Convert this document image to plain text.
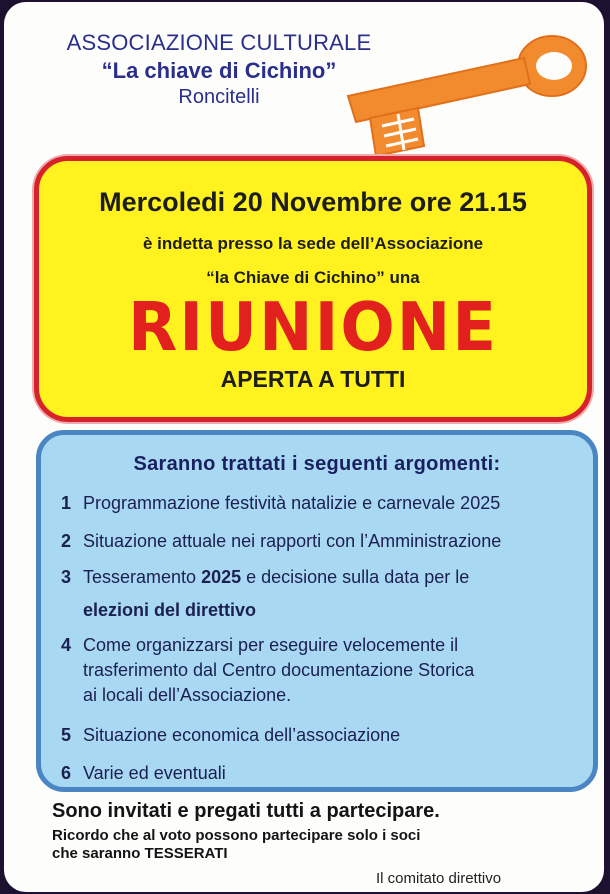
ASSOCIAZIONE CULTURALE
“La chiave di Cichino”
Roncitelli
Mercoledi 20 Novembre ore 21.15
è indetta presso la sede dell’Associazione
“la Chiave di Cichino” una
RIUNIONE
APERTA A TUTTI
Saranno trattati i seguenti argomenti:
1 Programmazione festività natalizie e carnevale 2025
2 Situazione attuale nei rapporti con l’Amministrazione
3 Tesseramento 2025 e decisione sulla data per le
elezioni del direttivo
4 Come organizzarsi per eseguire velocemente il
trasferimento dal Centro documentazione Storica
ai locali dell’Associazione.
5 Situazione economica dell’associazione
6 Varie ed eventuali
Sono invitati e pregati tutti a partecipare.
Ricordo che al voto possono partecipare solo i soci
che saranno TESSERATI
Il comitato direttivo
